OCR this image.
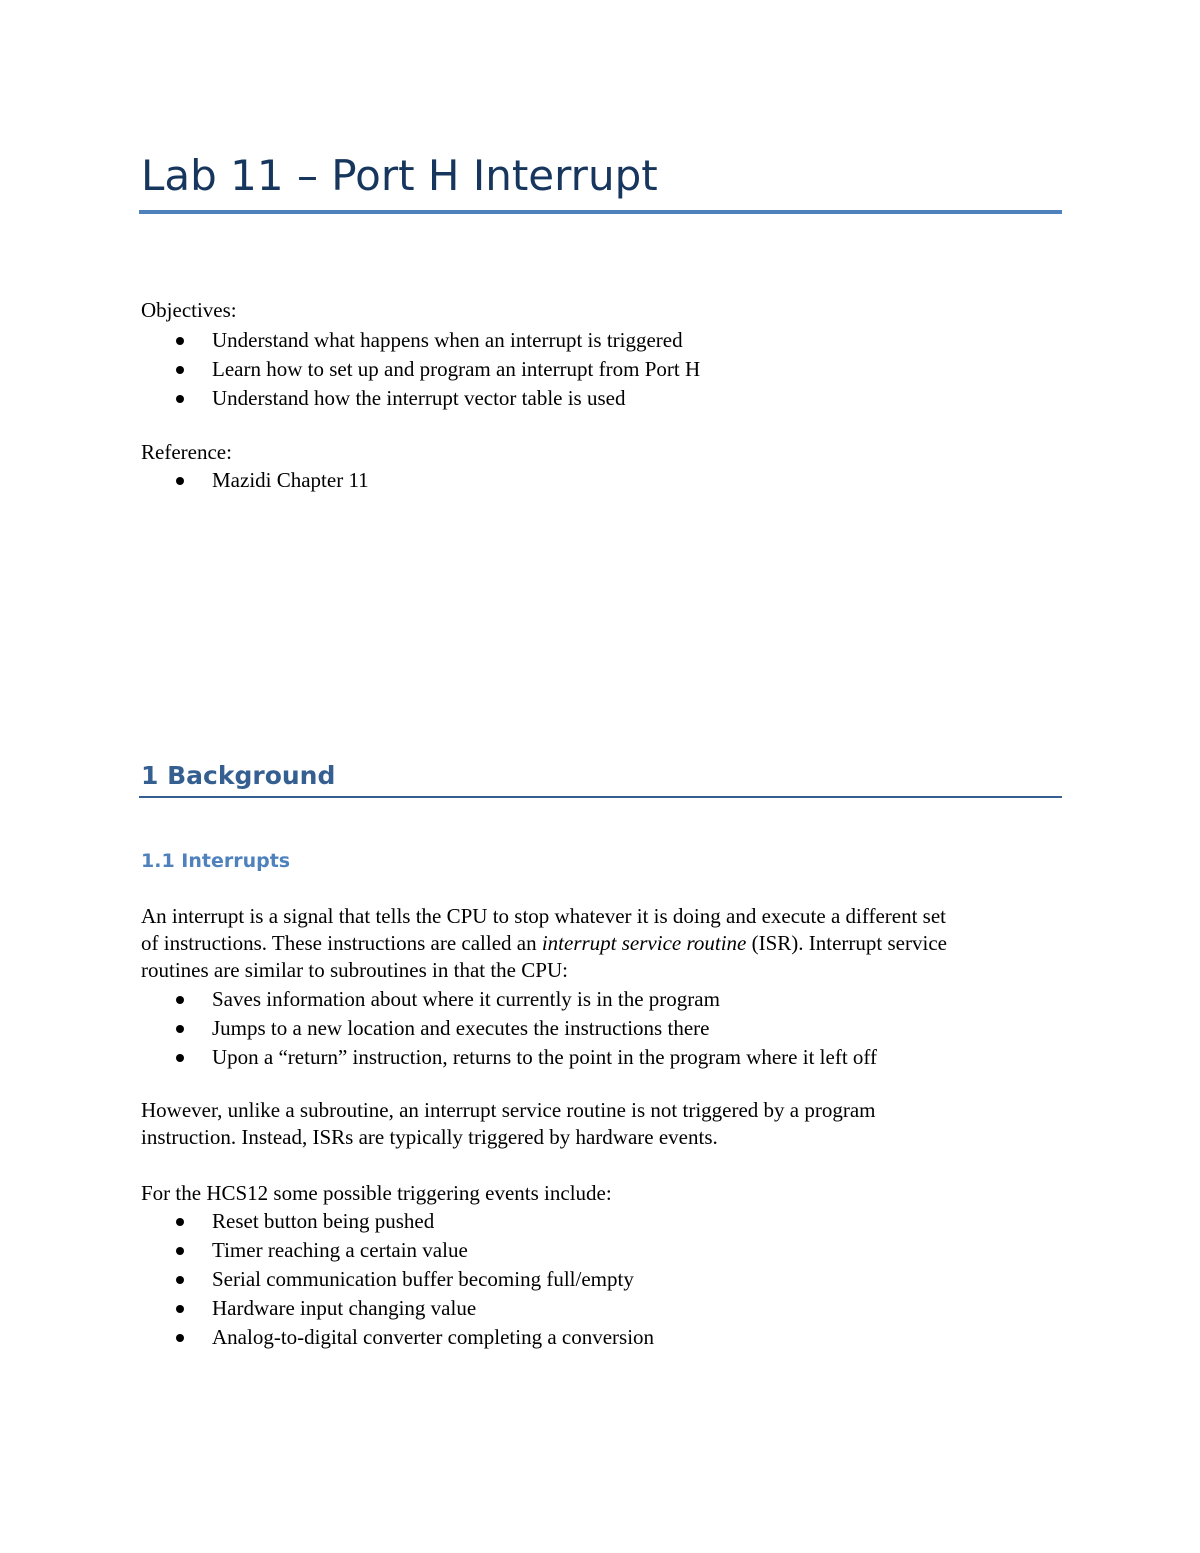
Lab 11 – Port H Interrupt

Objectives:

Understand what happens when an interrupt is triggered
Learn how to set up and program an interrupt from Port H
Understand how the interrupt vector table is used

Reference:

Mazidi Chapter 11
1 Background
1.1 Interrupts

An interrupt is a signal that tells the CPU to stop whatever it is doing and execute a different set
of instructions. These instructions are called an interrupt service routine (ISR). Interrupt service
routines are similar to subroutines in that the CPU:

Saves information about where it currently is in the program
Jumps to a new location and executes the instructions there
Upon a “return” instruction, returns to the point in the program where it left off

However, unlike a subroutine, an interrupt service routine is not triggered by a program
instruction. Instead, ISRs are typically triggered by hardware events.

For the HCS12 some possible triggering events include:

Reset button being pushed
Timer reaching a certain value
Serial communication buffer becoming full/empty
Hardware input changing value
Analog-to-digital converter completing a conversion
